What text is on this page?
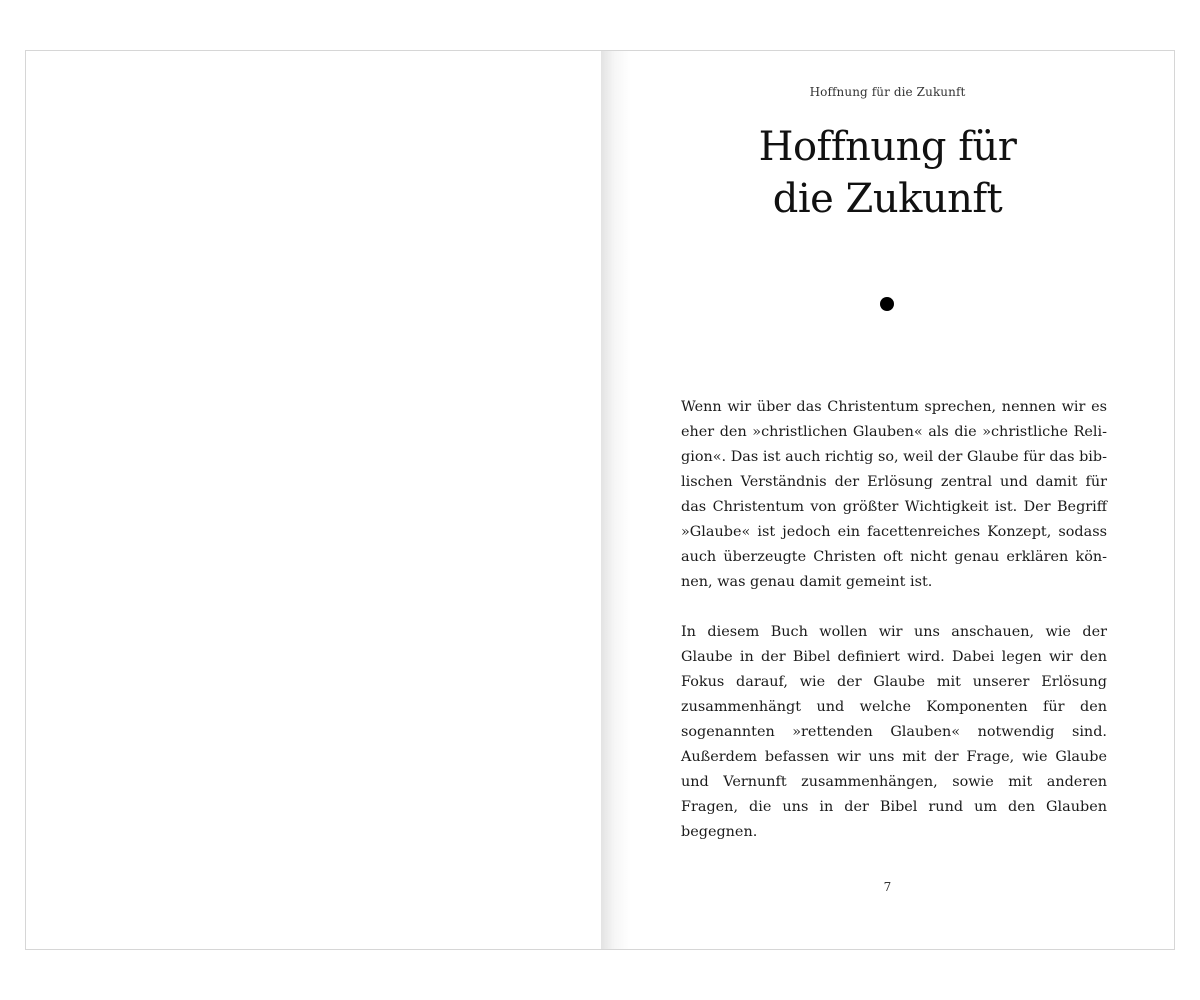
Hoffnung für die Zukunft
Hoffnung für
die Zukunft

Wenn wir über das Christentum sprechen, nennen wir es eher den »christlichen Glauben« als die »christliche Religion«. Das ist auch richtig so, weil der Glaube für das biblischen Verständnis der Erlösung zentral und damit für das Christentum von größter Wichtigkeit ist. Der Begriff »Glaube« ist jedoch ein facettenreiches Konzept, sodass auch überzeugte Christen oft nicht genau erklären können, was genau damit gemeint ist.

In diesem Buch wollen wir uns anschauen, wie der Glaube in der Bibel definiert wird. Dabei legen wir den Fokus darauf, wie der Glaube mit unserer Erlösung zusammenhängt und welche Komponenten für den sogenannten »rettenden Glauben« notwendig sind. Außerdem befassen wir uns mit der Frage, wie Glaube und Vernunft zusammenhängen, sowie mit anderen Fragen, die uns in der Bibel rund um den Glauben begegnen.

7
